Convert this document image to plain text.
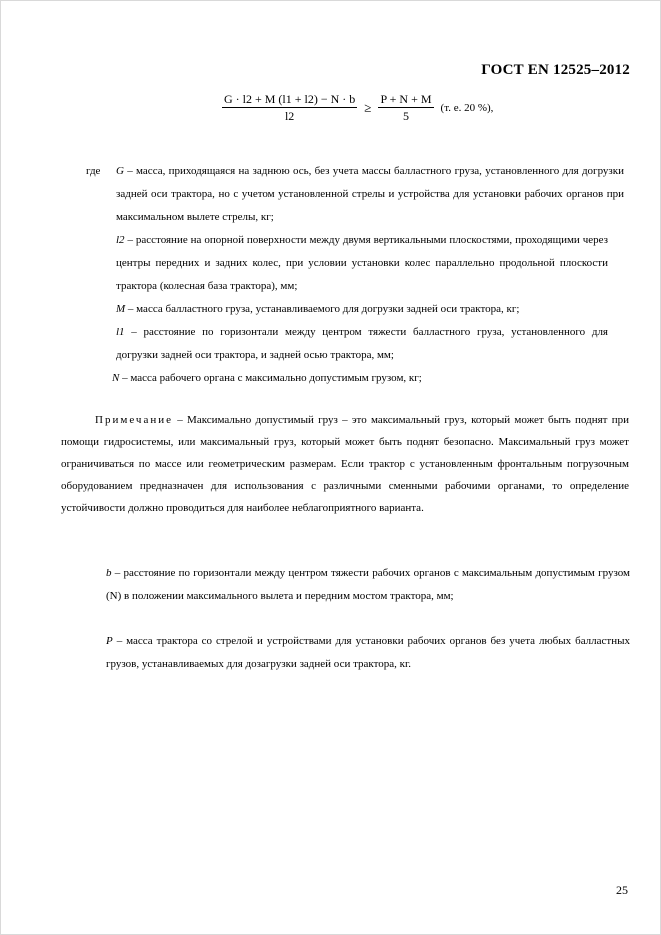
ГОСТ EN 12525–2012
$\frac{G \cdot l2 + M (l1 + l2) - N \cdot b}{l2} \ge \frac{P + N + M}{5} (т$. е. 20 %),
где	G – масса, приходящаяся на заднюю ось, без учета массы балластного груза, установленного для догрузки задней оси трактора, но с учетом установленной стрелы и устройства для установки рабочих органов при максимальном вылете стрелы, кг;
l2 – расстояние на опорной поверхности между двумя вертикальными плоскостями, проходящими через центры передних и задних колес, при условии установки колес параллельно продольной плоскости трактора (колесная база трактора), мм;
M – масса балластного груза, устанавливаемого для догрузки задней оси трактора, кг;
l1 – расстояние по горизонтали между центром тяжести балластного груза, установленного для догрузки задней оси трактора, и задней осью трактора, мм;
N – масса рабочего органа с максимально допустимым грузом, кг;
Примечание – Максимально допустимый груз – это максимальный груз, который может быть поднят при помощи гидросистемы, или максимальный груз, который может быть поднят безопасно. Максимальный груз может ограничиваться по массе или геометрическим размерам. Если трактор с установленным фронтальным погрузочным оборудованием предназначен для использования с различными сменными рабочими органами, то определение устойчивости должно проводиться для наиболее неблагоприятного варианта.
b – расстояние по горизонтали между центром тяжести рабочих органов с максимальным допустимым грузом (N) в положении максимального вылета и передним мостом трактора, мм;
P – масса трактора со стрелой и устройствами для установки рабочих органов без учета любых балластных грузов, устанавливаемых для дозагрузки задней оси трактора, кг.
25
